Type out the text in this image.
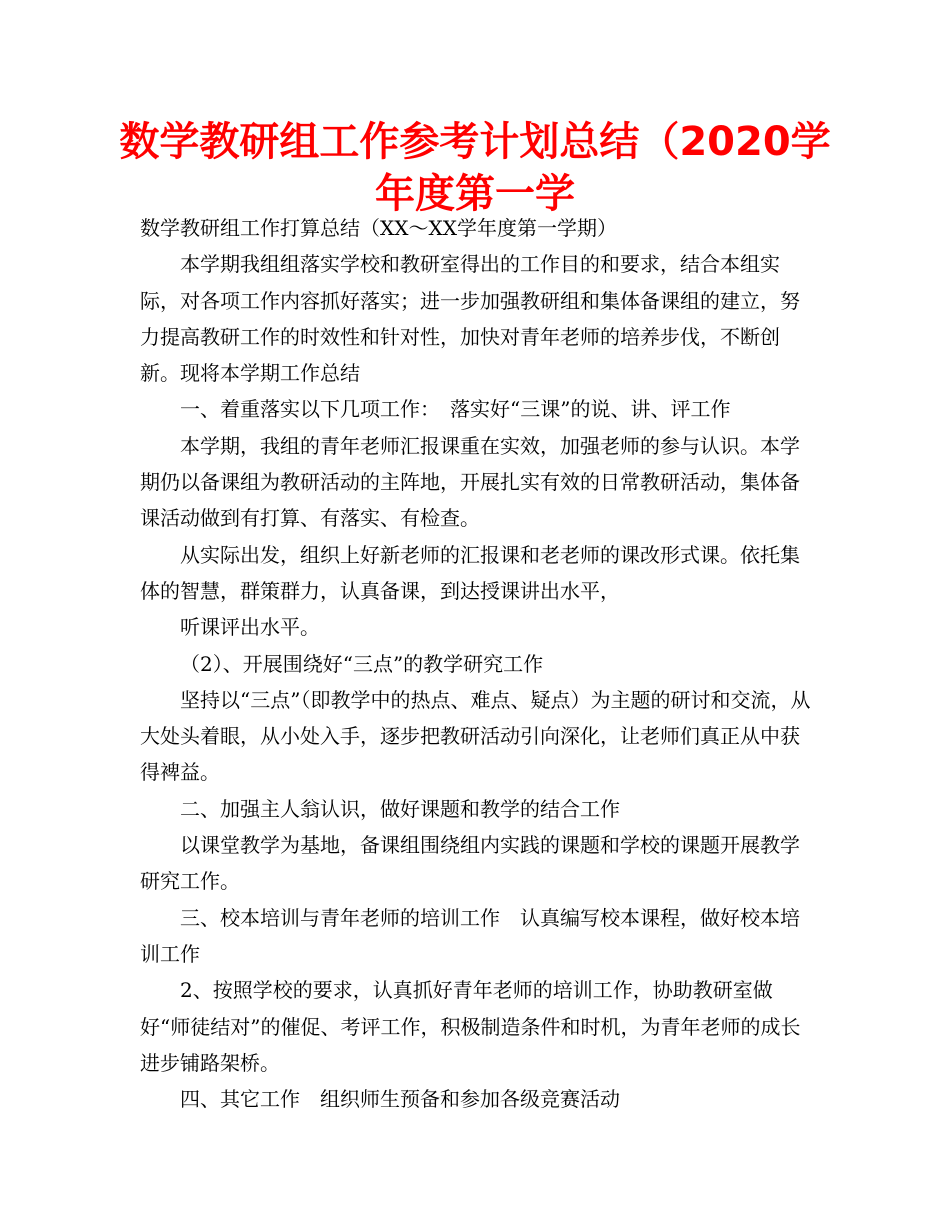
数学教研组工作参考计划总结（2020学年度第一学

数学教研组工作打算总结（XX～XX学年度第一学期）

本学期我组组落实学校和教研室得出的工作目的和要求，结合本组实际，对各项工作内容抓好落实；进一步加强教研组和集体备课组的建立，努力提高教研工作的时效性和针对性，加快对青年老师的培养步伐，不断创新。现将本学期工作总结

一、着重落实以下几项工作：　落实好“三课”的说、讲、评工作

本学期，我组的青年老师汇报课重在实效，加强老师的参与认识。本学期仍以备课组为教研活动的主阵地，开展扎实有效的日常教研活动，集体备课活动做到有打算、有落实、有检查。

从实际出发，组织上好新老师的汇报课和老老师的课改形式课。依托集体的智慧，群策群力，认真备课，到达授课讲出水平，

听课评出水平。

（2）、开展围绕好“三点”的教学研究工作

坚持以“三点”（即教学中的热点、难点、疑点）为主题的研讨和交流，从大处头着眼，从小处入手，逐步把教研活动引向深化，让老师们真正从中获得裨益。

二、加强主人翁认识，做好课题和教学的结合工作

以课堂教学为基地，备课组围绕组内实践的课题和学校的课题开展教学研究工作。

三、校本培训与青年老师的培训工作　认真编写校本课程，做好校本培训工作

2、按照学校的要求，认真抓好青年老师的培训工作，协助教研室做好“师徒结对”的催促、考评工作，积极制造条件和时机，为青年老师的成长进步铺路架桥。

四、其它工作　组织师生预备和参加各级竞赛活动
